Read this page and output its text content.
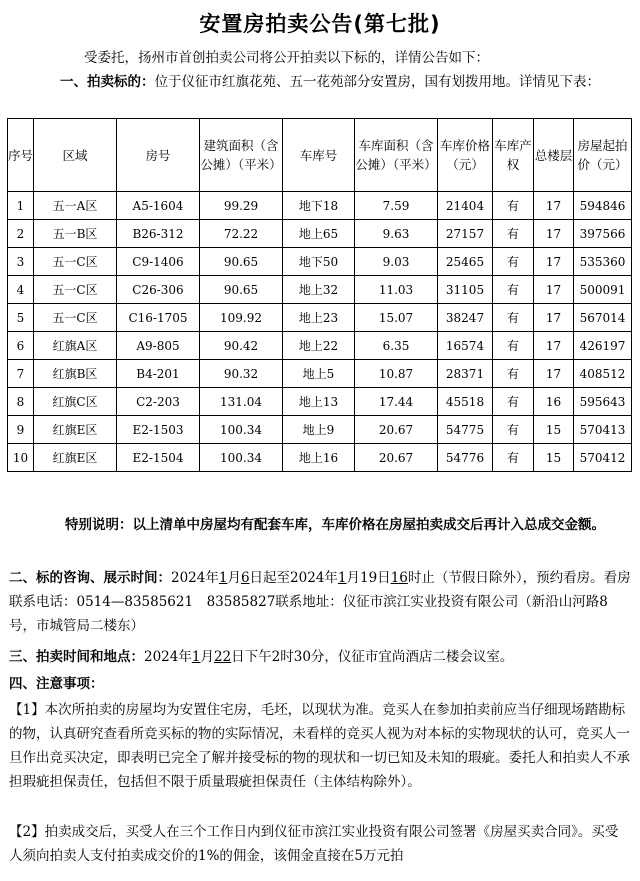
安置房拍卖公告(第七批)
受委托，扬州市首创拍卖公司将公开拍卖以下标的，详情公告如下：
一、拍卖标的：位于仪征市红旗花苑、五一花苑部分安置房，国有划拨用地。详情见下表：
序号	区域	房号	建筑面积（含公摊）（平米）	车库号	车库面积（含公摊）（平米）	车库价格（元）	车库产权	总楼层	房屋起拍价（元）
1	五一A区	A5-1604	99.29	地下18	7.59	21404	有	17	594846
2	五一B区	B26-312	72.22	地上65	9.63	27157	有	17	397566
3	五一C区	C9-1406	90.65	地下50	9.03	25465	有	17	535360
4	五一C区	C26-306	90.65	地上32	11.03	31105	有	17	500091
5	五一C区	C16-1705	109.92	地上23	15.07	38247	有	17	567014
6	红旗A区	A9-805	90.42	地上22	6.35	16574	有	17	426197
7	红旗B区	B4-201	90.32	地上5	10.87	28371	有	17	408512
8	红旗C区	C2-203	131.04	地上13	17.44	45518	有	16	595643
9	红旗E区	E2-1503	100.34	地上9	20.67	54775	有	15	570413
10	红旗E区	E2-1504	100.34	地上16	20.67	54776	有	15	570412
特别说明：以上清单中房屋均有配套车库，车库价格在房屋拍卖成交后再计入总成交金额。
二、标的咨询、展示时间：2024年1月6日起至2024年1月19日16时止（节假日除外），预约看房。看房联系电话：0514—83585621　83585827联系地址：仪征市滨江实业投资有限公司（新沿山河路8号，市城管局二楼东）
三、拍卖时间和地点：2024年1月22日下午2时30分，仪征市宜尚酒店二楼会议室。
四、注意事项：
【1】本次所拍卖的房屋均为安置住宅房，毛坯，以现状为准。竞买人在参加拍卖前应当仔细现场踏勘标的物，认真研究查看所竞买标的物的实际情况，未看样的竞买人视为对本标的实物现状的认可，竞买人一旦作出竞买决定，即表明已完全了解并接受标的物的现状和一切已知及未知的瑕疵。委托人和拍卖人不承担瑕疵担保责任，包括但不限于质量瑕疵担保责任（主体结构除外）。
【2】拍卖成交后，买受人在三个工作日内到仪征市滨江实业投资有限公司签署《房屋买卖合同》。买受人须向拍卖人支付拍卖成交价的1%的佣金，该佣金直接在5万元拍
